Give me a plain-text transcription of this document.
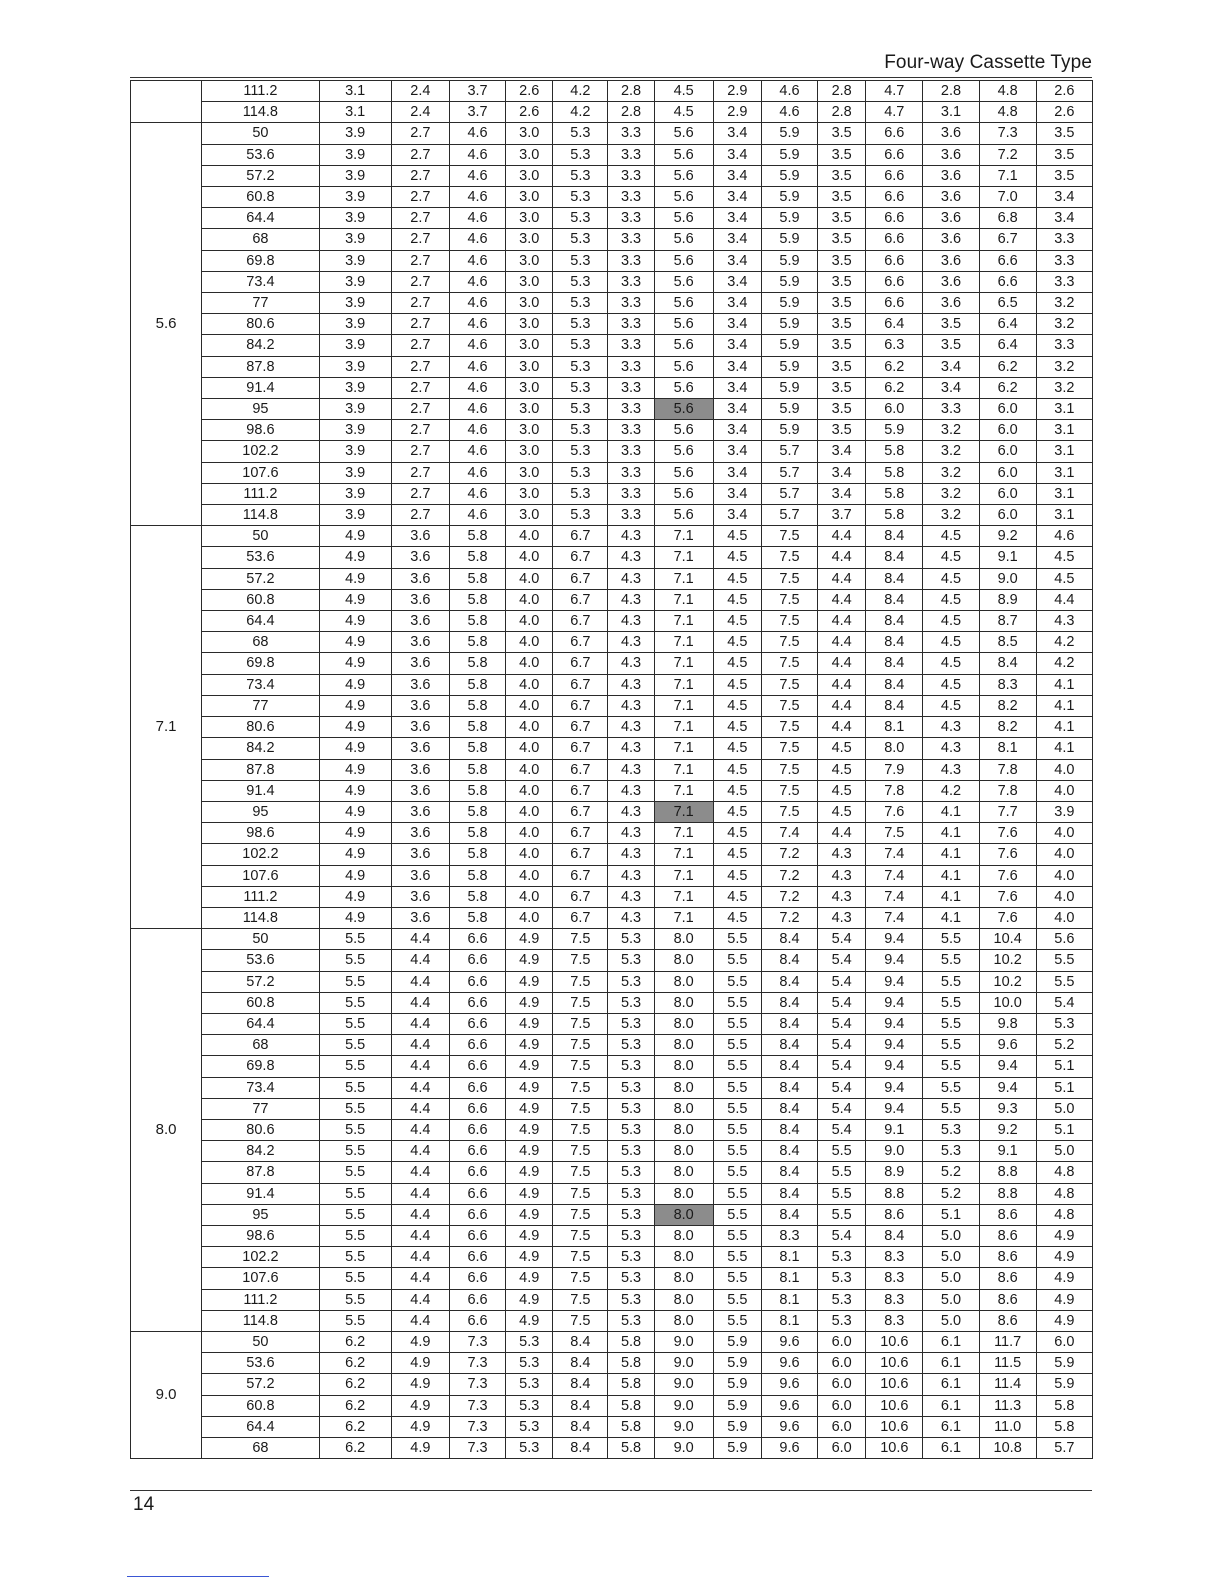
Four-way Cassette Type
	111.2	3.1	2.4	3.7	2.6	4.2	2.8	4.5	2.9	4.6	2.8	4.7	2.8	4.8	2.6
	114.8	3.1	2.4	3.7	2.6	4.2	2.8	4.5	2.9	4.6	2.8	4.7	3.1	4.8	2.6
5.6	50	3.9	2.7	4.6	3.0	5.3	3.3	5.6	3.4	5.9	3.5	6.6	3.6	7.3	3.5
	53.6	3.9	2.7	4.6	3.0	5.3	3.3	5.6	3.4	5.9	3.5	6.6	3.6	7.2	3.5
	57.2	3.9	2.7	4.6	3.0	5.3	3.3	5.6	3.4	5.9	3.5	6.6	3.6	7.1	3.5
	60.8	3.9	2.7	4.6	3.0	5.3	3.3	5.6	3.4	5.9	3.5	6.6	3.6	7.0	3.4
	64.4	3.9	2.7	4.6	3.0	5.3	3.3	5.6	3.4	5.9	3.5	6.6	3.6	6.8	3.4
	68	3.9	2.7	4.6	3.0	5.3	3.3	5.6	3.4	5.9	3.5	6.6	3.6	6.7	3.3
	69.8	3.9	2.7	4.6	3.0	5.3	3.3	5.6	3.4	5.9	3.5	6.6	3.6	6.6	3.3
	73.4	3.9	2.7	4.6	3.0	5.3	3.3	5.6	3.4	5.9	3.5	6.6	3.6	6.6	3.3
	77	3.9	2.7	4.6	3.0	5.3	3.3	5.6	3.4	5.9	3.5	6.6	3.6	6.5	3.2
	80.6	3.9	2.7	4.6	3.0	5.3	3.3	5.6	3.4	5.9	3.5	6.4	3.5	6.4	3.2
	84.2	3.9	2.7	4.6	3.0	5.3	3.3	5.6	3.4	5.9	3.5	6.3	3.5	6.4	3.3
	87.8	3.9	2.7	4.6	3.0	5.3	3.3	5.6	3.4	5.9	3.5	6.2	3.4	6.2	3.2
	91.4	3.9	2.7	4.6	3.0	5.3	3.3	5.6	3.4	5.9	3.5	6.2	3.4	6.2	3.2
	95	3.9	2.7	4.6	3.0	5.3	3.3	5.6	3.4	5.9	3.5	6.0	3.3	6.0	3.1
	98.6	3.9	2.7	4.6	3.0	5.3	3.3	5.6	3.4	5.9	3.5	5.9	3.2	6.0	3.1
	102.2	3.9	2.7	4.6	3.0	5.3	3.3	5.6	3.4	5.7	3.4	5.8	3.2	6.0	3.1
	107.6	3.9	2.7	4.6	3.0	5.3	3.3	5.6	3.4	5.7	3.4	5.8	3.2	6.0	3.1
	111.2	3.9	2.7	4.6	3.0	5.3	3.3	5.6	3.4	5.7	3.4	5.8	3.2	6.0	3.1
	114.8	3.9	2.7	4.6	3.0	5.3	3.3	5.6	3.4	5.7	3.7	5.8	3.2	6.0	3.1
7.1	50	4.9	3.6	5.8	4.0	6.7	4.3	7.1	4.5	7.5	4.4	8.4	4.5	9.2	4.6
	53.6	4.9	3.6	5.8	4.0	6.7	4.3	7.1	4.5	7.5	4.4	8.4	4.5	9.1	4.5
	57.2	4.9	3.6	5.8	4.0	6.7	4.3	7.1	4.5	7.5	4.4	8.4	4.5	9.0	4.5
	60.8	4.9	3.6	5.8	4.0	6.7	4.3	7.1	4.5	7.5	4.4	8.4	4.5	8.9	4.4
	64.4	4.9	3.6	5.8	4.0	6.7	4.3	7.1	4.5	7.5	4.4	8.4	4.5	8.7	4.3
	68	4.9	3.6	5.8	4.0	6.7	4.3	7.1	4.5	7.5	4.4	8.4	4.5	8.5	4.2
	69.8	4.9	3.6	5.8	4.0	6.7	4.3	7.1	4.5	7.5	4.4	8.4	4.5	8.4	4.2
	73.4	4.9	3.6	5.8	4.0	6.7	4.3	7.1	4.5	7.5	4.4	8.4	4.5	8.3	4.1
	77	4.9	3.6	5.8	4.0	6.7	4.3	7.1	4.5	7.5	4.4	8.4	4.5	8.2	4.1
	80.6	4.9	3.6	5.8	4.0	6.7	4.3	7.1	4.5	7.5	4.4	8.1	4.3	8.2	4.1
	84.2	4.9	3.6	5.8	4.0	6.7	4.3	7.1	4.5	7.5	4.5	8.0	4.3	8.1	4.1
	87.8	4.9	3.6	5.8	4.0	6.7	4.3	7.1	4.5	7.5	4.5	7.9	4.3	7.8	4.0
	91.4	4.9	3.6	5.8	4.0	6.7	4.3	7.1	4.5	7.5	4.5	7.8	4.2	7.8	4.0
	95	4.9	3.6	5.8	4.0	6.7	4.3	7.1	4.5	7.5	4.5	7.6	4.1	7.7	3.9
	98.6	4.9	3.6	5.8	4.0	6.7	4.3	7.1	4.5	7.4	4.4	7.5	4.1	7.6	4.0
	102.2	4.9	3.6	5.8	4.0	6.7	4.3	7.1	4.5	7.2	4.3	7.4	4.1	7.6	4.0
	107.6	4.9	3.6	5.8	4.0	6.7	4.3	7.1	4.5	7.2	4.3	7.4	4.1	7.6	4.0
	111.2	4.9	3.6	5.8	4.0	6.7	4.3	7.1	4.5	7.2	4.3	7.4	4.1	7.6	4.0
	114.8	4.9	3.6	5.8	4.0	6.7	4.3	7.1	4.5	7.2	4.3	7.4	4.1	7.6	4.0
8.0	50	5.5	4.4	6.6	4.9	7.5	5.3	8.0	5.5	8.4	5.4	9.4	5.5	10.4	5.6
	53.6	5.5	4.4	6.6	4.9	7.5	5.3	8.0	5.5	8.4	5.4	9.4	5.5	10.2	5.5
	57.2	5.5	4.4	6.6	4.9	7.5	5.3	8.0	5.5	8.4	5.4	9.4	5.5	10.2	5.5
	60.8	5.5	4.4	6.6	4.9	7.5	5.3	8.0	5.5	8.4	5.4	9.4	5.5	10.0	5.4
	64.4	5.5	4.4	6.6	4.9	7.5	5.3	8.0	5.5	8.4	5.4	9.4	5.5	9.8	5.3
	68	5.5	4.4	6.6	4.9	7.5	5.3	8.0	5.5	8.4	5.4	9.4	5.5	9.6	5.2
	69.8	5.5	4.4	6.6	4.9	7.5	5.3	8.0	5.5	8.4	5.4	9.4	5.5	9.4	5.1
	73.4	5.5	4.4	6.6	4.9	7.5	5.3	8.0	5.5	8.4	5.4	9.4	5.5	9.4	5.1
	77	5.5	4.4	6.6	4.9	7.5	5.3	8.0	5.5	8.4	5.4	9.4	5.5	9.3	5.0
	80.6	5.5	4.4	6.6	4.9	7.5	5.3	8.0	5.5	8.4	5.4	9.1	5.3	9.2	5.1
	84.2	5.5	4.4	6.6	4.9	7.5	5.3	8.0	5.5	8.4	5.5	9.0	5.3	9.1	5.0
	87.8	5.5	4.4	6.6	4.9	7.5	5.3	8.0	5.5	8.4	5.5	8.9	5.2	8.8	4.8
	91.4	5.5	4.4	6.6	4.9	7.5	5.3	8.0	5.5	8.4	5.5	8.8	5.2	8.8	4.8
	95	5.5	4.4	6.6	4.9	7.5	5.3	8.0	5.5	8.4	5.5	8.6	5.1	8.6	4.8
	98.6	5.5	4.4	6.6	4.9	7.5	5.3	8.0	5.5	8.3	5.4	8.4	5.0	8.6	4.9
	102.2	5.5	4.4	6.6	4.9	7.5	5.3	8.0	5.5	8.1	5.3	8.3	5.0	8.6	4.9
	107.6	5.5	4.4	6.6	4.9	7.5	5.3	8.0	5.5	8.1	5.3	8.3	5.0	8.6	4.9
	111.2	5.5	4.4	6.6	4.9	7.5	5.3	8.0	5.5	8.1	5.3	8.3	5.0	8.6	4.9
	114.8	5.5	4.4	6.6	4.9	7.5	5.3	8.0	5.5	8.1	5.3	8.3	5.0	8.6	4.9
9.0	50	6.2	4.9	7.3	5.3	8.4	5.8	9.0	5.9	9.6	6.0	10.6	6.1	11.7	6.0
	53.6	6.2	4.9	7.3	5.3	8.4	5.8	9.0	5.9	9.6	6.0	10.6	6.1	11.5	5.9
	57.2	6.2	4.9	7.3	5.3	8.4	5.8	9.0	5.9	9.6	6.0	10.6	6.1	11.4	5.9
	60.8	6.2	4.9	7.3	5.3	8.4	5.8	9.0	5.9	9.6	6.0	10.6	6.1	11.3	5.8
	64.4	6.2	4.9	7.3	5.3	8.4	5.8	9.0	5.9	9.6	6.0	10.6	6.1	11.0	5.8
	68	6.2	4.9	7.3	5.3	8.4	5.8	9.0	5.9	9.6	6.0	10.6	6.1	10.8	5.7
14
